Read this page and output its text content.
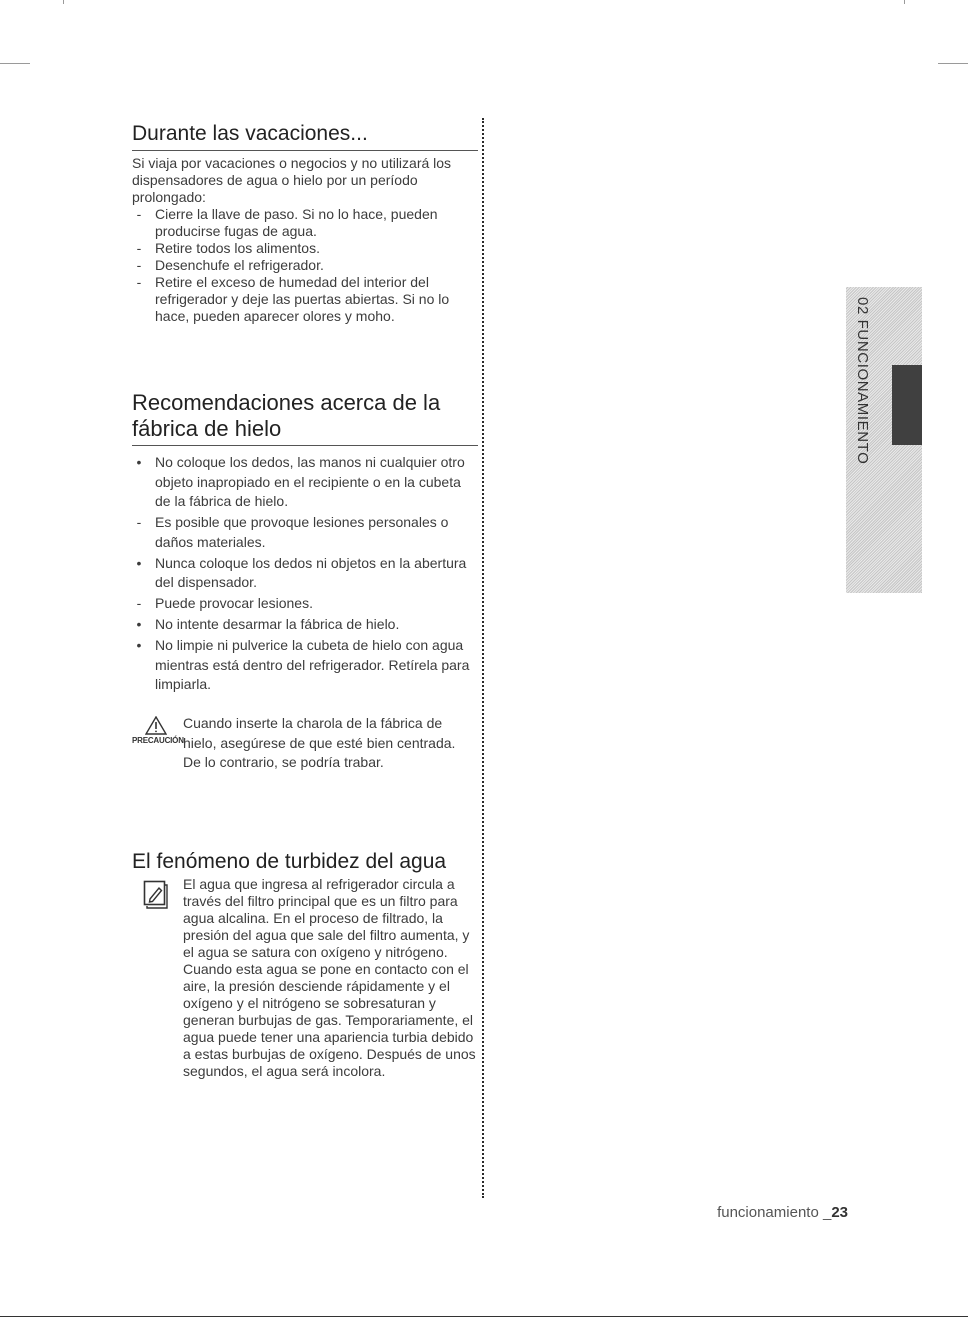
Durante las vacaciones...

Si viaja por vacaciones o negocios y no utilizará los dispensadores de agua o hielo por un período prolongado:

- Cierre la llave de paso. Si no lo hace, pueden producirse fugas de agua.
- Retire todos los alimentos.
- Desenchufe el refrigerador.
- Retire el exceso de humedad del interior del refrigerador y deje las puertas abiertas. Si no lo hace, pueden aparecer olores y moho.
Recomendaciones acerca de la
fábrica de hielo
• No coloque los dedos, las manos ni cualquier otro objeto inapropiado en el recipiente o en la cubeta de la fábrica de hielo.
- Es posible que provoque lesiones personales o daños materiales.
• Nunca coloque los dedos ni objetos en la abertura del dispensador.
- Puede provocar lesiones.
• No intente desarmar la fábrica de hielo.
• No limpie ni pulverice la cubeta de hielo con agua mientras está dentro del refrigerador. Retírela para limpiarla.
PRECAUCIÓN
Cuando inserte la charola de la fábrica de hielo, asegúrese de que esté bien centrada.
De lo contrario, se podría trabar.
El fenómeno de turbidez del agua
El agua que ingresa al refrigerador circula a través del filtro principal que es un filtro para agua alcalina. En el proceso de filtrado, la presión del agua que sale del filtro aumenta, y el agua se satura con oxígeno y nitrógeno. Cuando esta agua se pone en contacto con el aire, la presión desciende rápidamente y el oxígeno y el nitrógeno se sobresaturan y generan burbujas de gas. Temporariamente, el agua puede tener una apariencia turbia debido a estas burbujas de oxígeno. Después de unos segundos, el agua será incolora.
02 FUNCIONAMIENTO
funcionamiento _23
